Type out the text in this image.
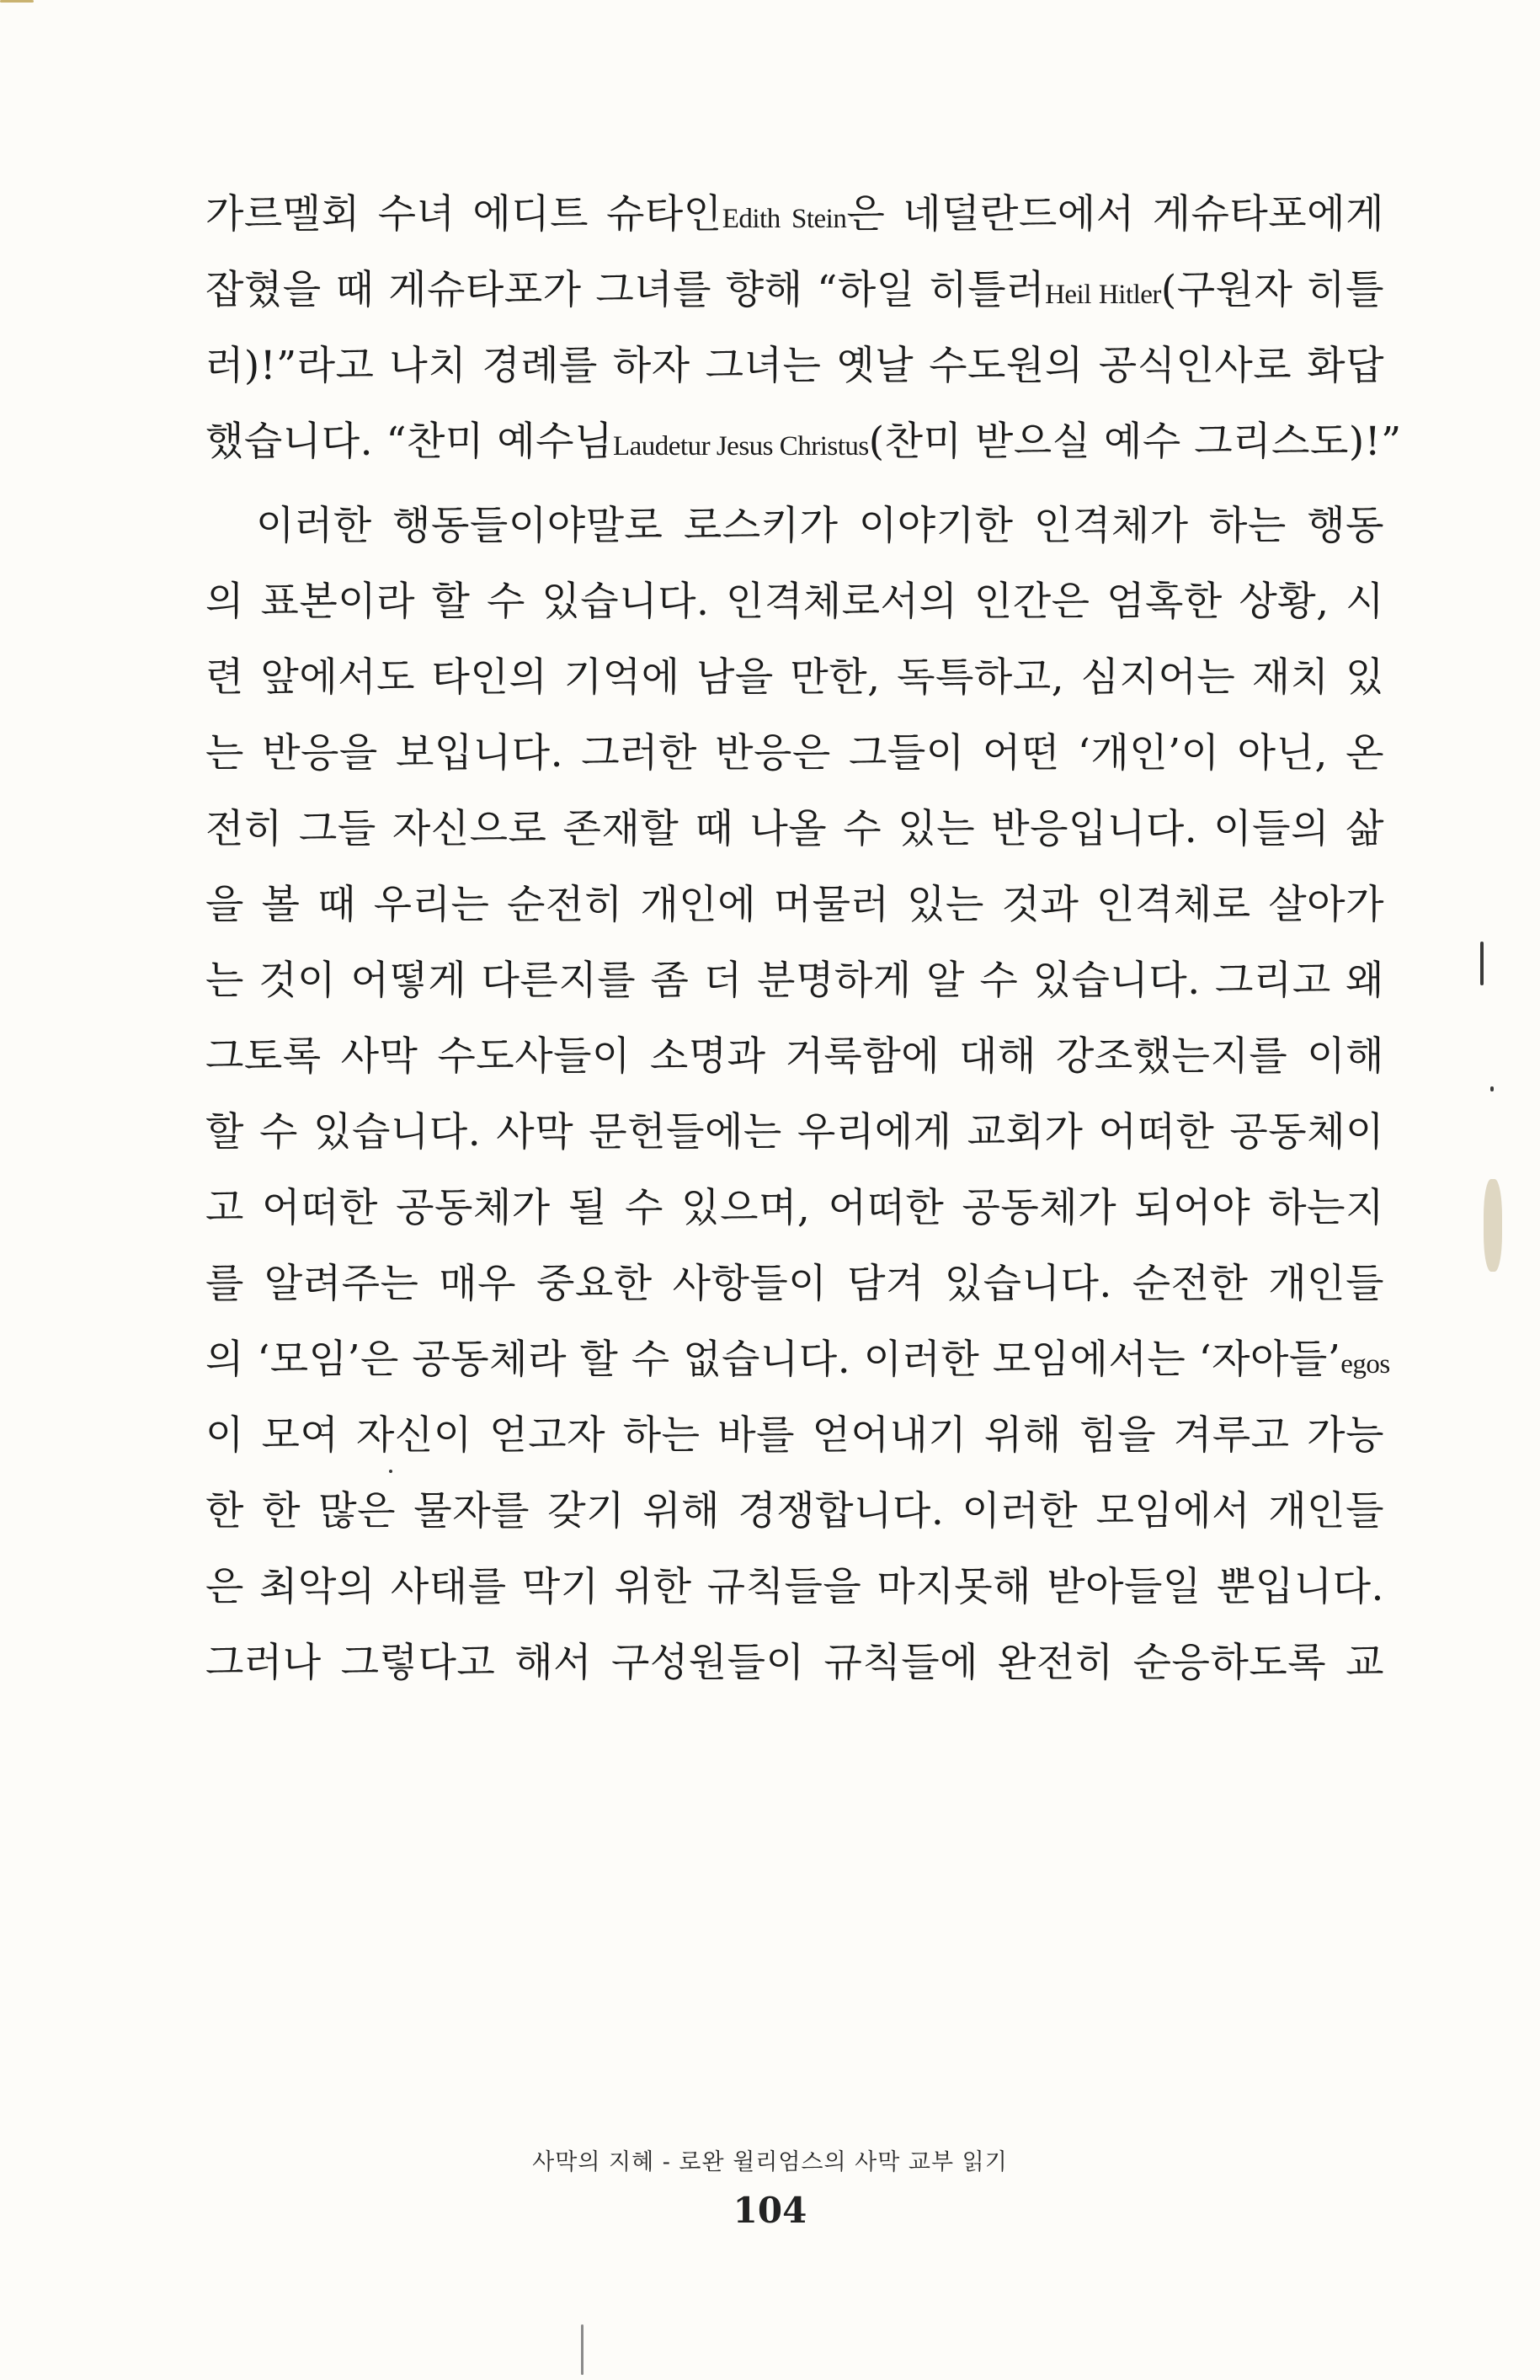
가르멜회 수녀 에디트 슈타인Edith Stein은 네덜란드에서 게슈타포에게
잡혔을 때 게슈타포가 그녀를 향해 “하일 히틀러Heil Hitler(구원자 히틀
러)!”라고 나치 경례를 하자 그녀는 옛날 수도원의 공식인사로 화답
했습니다. “찬미 예수님Laudetur Jesus Christus(찬미 받으실 예수 그리스도)!”
이러한 행동들이야말로 로스키가 이야기한 인격체가 하는 행동
의 표본이라 할 수 있습니다. 인격체로서의 인간은 엄혹한 상황, 시
련 앞에서도 타인의 기억에 남을 만한, 독특하고, 심지어는 재치 있
는 반응을 보입니다. 그러한 반응은 그들이 어떤 ‘개인’이 아닌, 온
전히 그들 자신으로 존재할 때 나올 수 있는 반응입니다. 이들의 삶
을 볼 때 우리는 순전히 개인에 머물러 있는 것과 인격체로 살아가
는 것이 어떻게 다른지를 좀 더 분명하게 알 수 있습니다. 그리고 왜
그토록 사막 수도사들이 소명과 거룩함에 대해 강조했는지를 이해
할 수 있습니다. 사막 문헌들에는 우리에게 교회가 어떠한 공동체이
고 어떠한 공동체가 될 수 있으며, 어떠한 공동체가 되어야 하는지
를 알려주는 매우 중요한 사항들이 담겨 있습니다. 순전한 개인들
의 ‘모임’은 공동체라 할 수 없습니다. 이러한 모임에서는 ‘자아들’egos
이 모여 자신이 얻고자 하는 바를 얻어내기 위해 힘을 겨루고 가능
한 한 많은 물자를 갖기 위해 경쟁합니다. 이러한 모임에서 개인들
은 최악의 사태를 막기 위한 규칙들을 마지못해 받아들일 뿐입니다.
그러나 그렇다고 해서 구성원들이 규칙들에 완전히 순응하도록 교
사막의 지혜 - 로완 윌리엄스의 사막 교부 읽기
104
